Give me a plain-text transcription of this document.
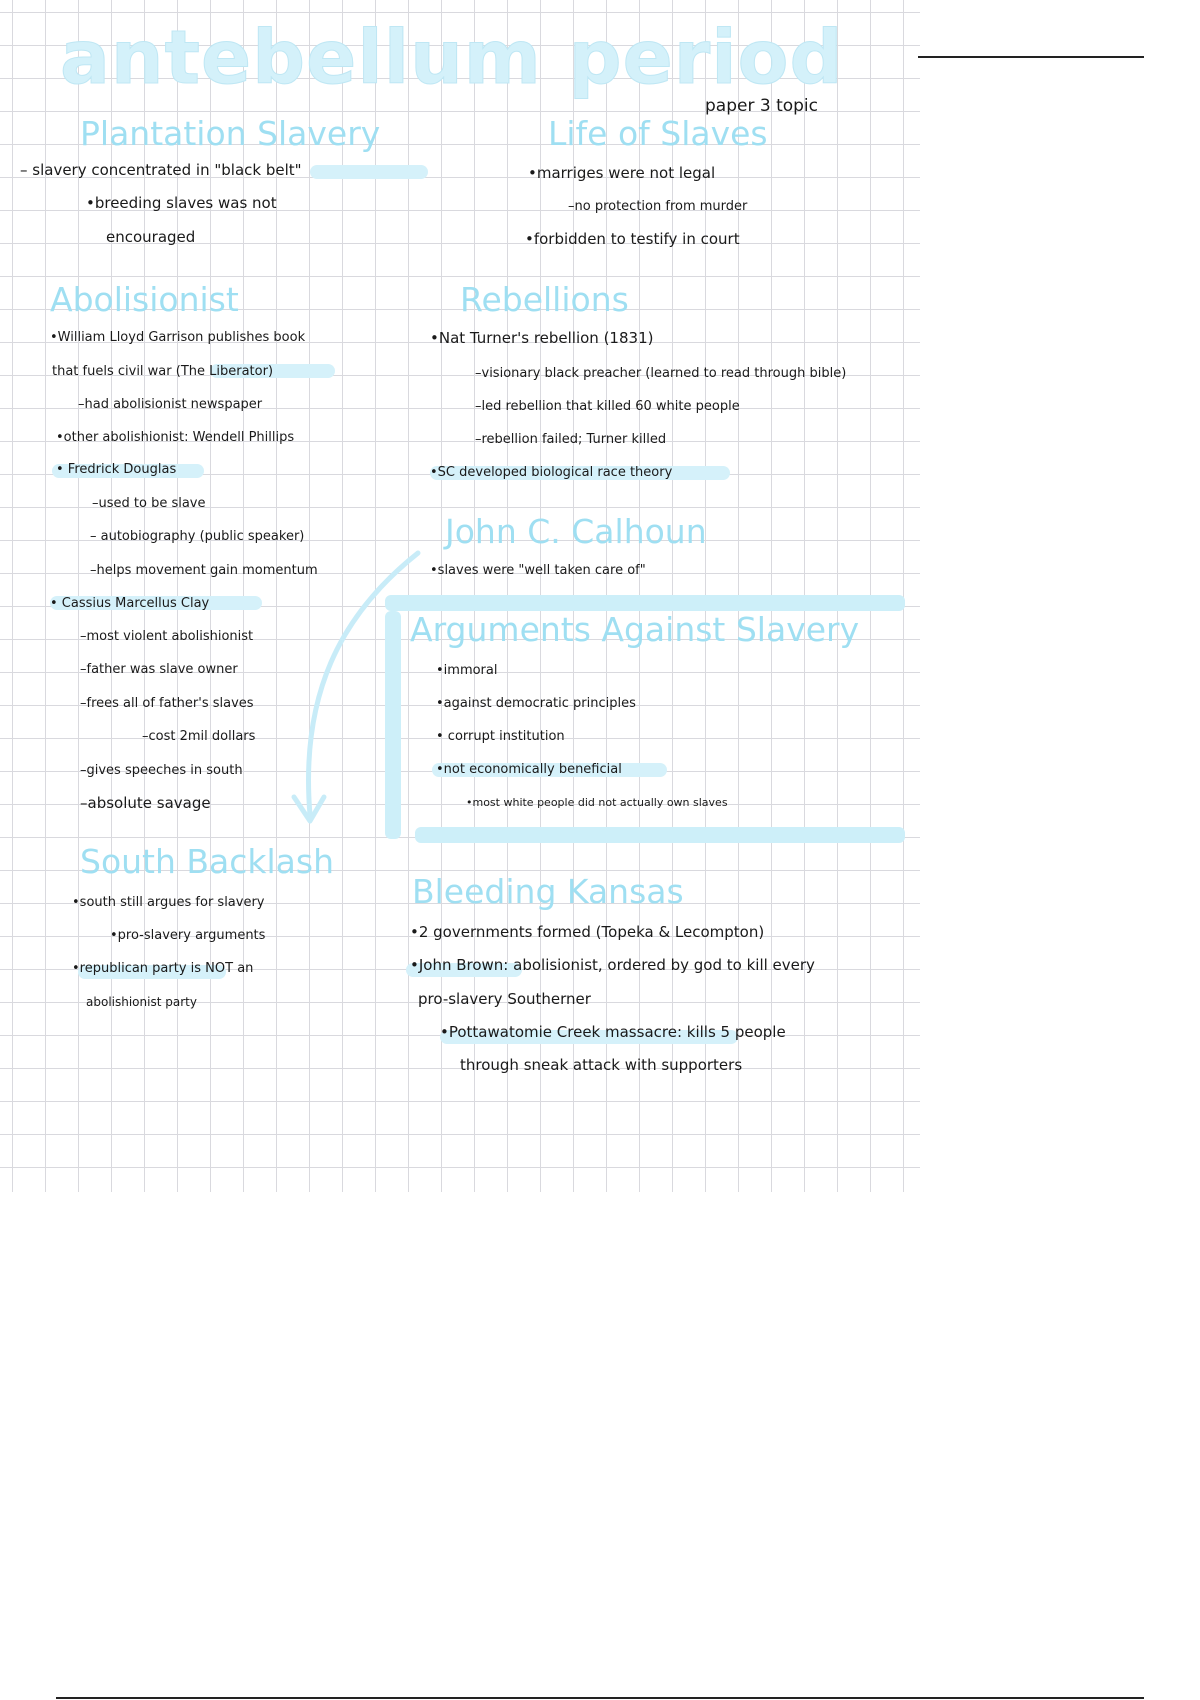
antebellum period
paper 3 topic
Plantation Slavery
– slavery concentrated in "black belt"
•breeding slaves was not
encouraged
Life of Slaves
•marriges were not legal
–no protection from murder
•forbidden to testify in court
Abolisionist
•William Lloyd Garrison publishes book
that fuels civil war (The Liberator)
–had abolisionist newspaper
•other abolishionist: Wendell Phillips
• Fredrick Douglas
–used to be slave
– autobiography (public speaker)
–helps movement gain momentum
• Cassius Marcellus Clay
–most violent abolishionist
–father was slave owner
–frees all of father's slaves
–cost 2mil dollars
–gives speeches in south
–absolute savage
Rebellions
•Nat Turner's rebellion (1831)
–visionary black preacher (learned to read through bible)
–led rebellion that killed 60 white people
–rebellion failed; Turner killed
•SC developed biological race theory
John C. Calhoun
•slaves were "well taken care of"
Arguments Against Slavery
•immoral
•against democratic principles
• corrupt institution
•not economically beneficial
•most white people did not actually own slaves
South Backlash
•south still argues for slavery
•pro-slavery arguments
•republican party is NOT an
abolishionist party
Bleeding Kansas
•2 governments formed (Topeka & Lecompton)
•John Brown: abolisionist, ordered by god to kill every
pro-slavery Southerner
•Pottawatomie Creek massacre: kills 5 people
through sneak attack with supporters
